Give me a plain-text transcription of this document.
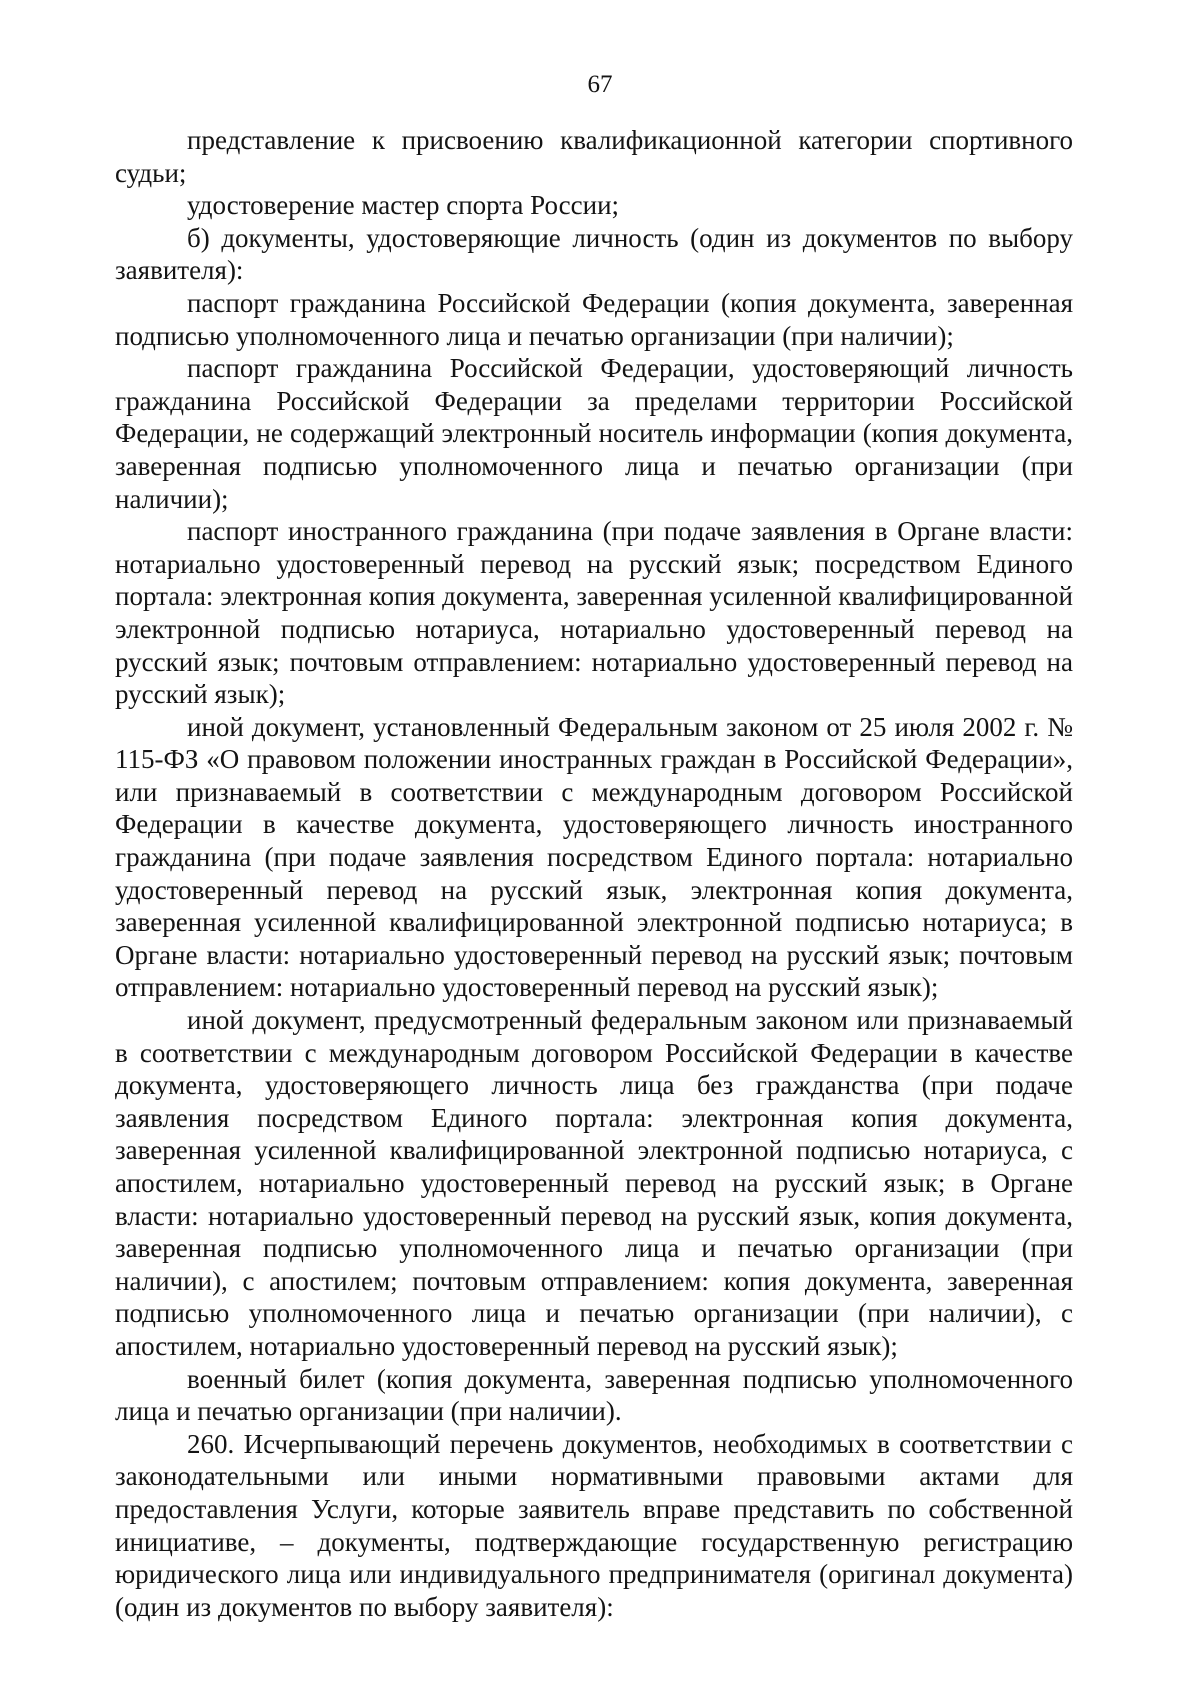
67

представление к присвоению квалификационной категории спортивного судьи;

удостоверение мастер спорта России;

б) документы, удостоверяющие личность (один из документов по выбору заявителя):

паспорт гражданина Российской Федерации (копия документа, заверенная подписью уполномоченного лица и печатью организации (при наличии);

паспорт гражданина Российской Федерации, удостоверяющий личность гражданина Российской Федерации за пределами территории Российской Федерации, не содержащий электронный носитель информации (копия документа, заверенная подписью уполномоченного лица и печатью организации (при наличии);

паспорт иностранного гражданина (при подаче заявления в Органе власти: нотариально удостоверенный перевод на русский язык; посредством Единого портала: электронная копия документа, заверенная усиленной квалифицированной электронной подписью нотариуса, нотариально удостоверенный перевод на русский язык; почтовым отправлением: нотариально удостоверенный перевод на русский язык);

иной документ, установленный Федеральным законом от 25 июля 2002 г. № 115-ФЗ «О правовом положении иностранных граждан в Российской Федерации», или признаваемый в соответствии с международным договором Российской Федерации в качестве документа, удостоверяющего личность иностранного гражданина (при подаче заявления посредством Единого портала: нотариально удостоверенный перевод на русский язык, электронная копия документа, заверенная усиленной квалифицированной электронной подписью нотариуса; в Органе власти: нотариально удостоверенный перевод на русский язык; почтовым отправлением: нотариально удостоверенный перевод на русский язык);

иной документ, предусмотренный федеральным законом или признаваемый в соответствии с международным договором Российской Федерации в качестве документа, удостоверяющего личность лица без гражданства (при подаче заявления посредством Единого портала: электронная копия документа, заверенная усиленной квалифицированной электронной подписью нотариуса, с апостилем, нотариально удостоверенный перевод на русский язык; в Органе власти: нотариально удостоверенный перевод на русский язык, копия документа, заверенная подписью уполномоченного лица и печатью организации (при наличии), с апостилем; почтовым отправлением: копия документа, заверенная подписью уполномоченного лица и печатью организации (при наличии), с апостилем, нотариально удостоверенный перевод на русский язык);

военный билет (копия документа, заверенная подписью уполномоченного лица и печатью организации (при наличии).

260. Исчерпывающий перечень документов, необходимых в соответствии с законодательными или иными нормативными правовыми актами для предоставления Услуги, которые заявитель вправе представить по собственной инициативе, – документы, подтверждающие государственную регистрацию юридического лица или индивидуального предпринимателя (оригинал документа) (один из документов по выбору заявителя):
